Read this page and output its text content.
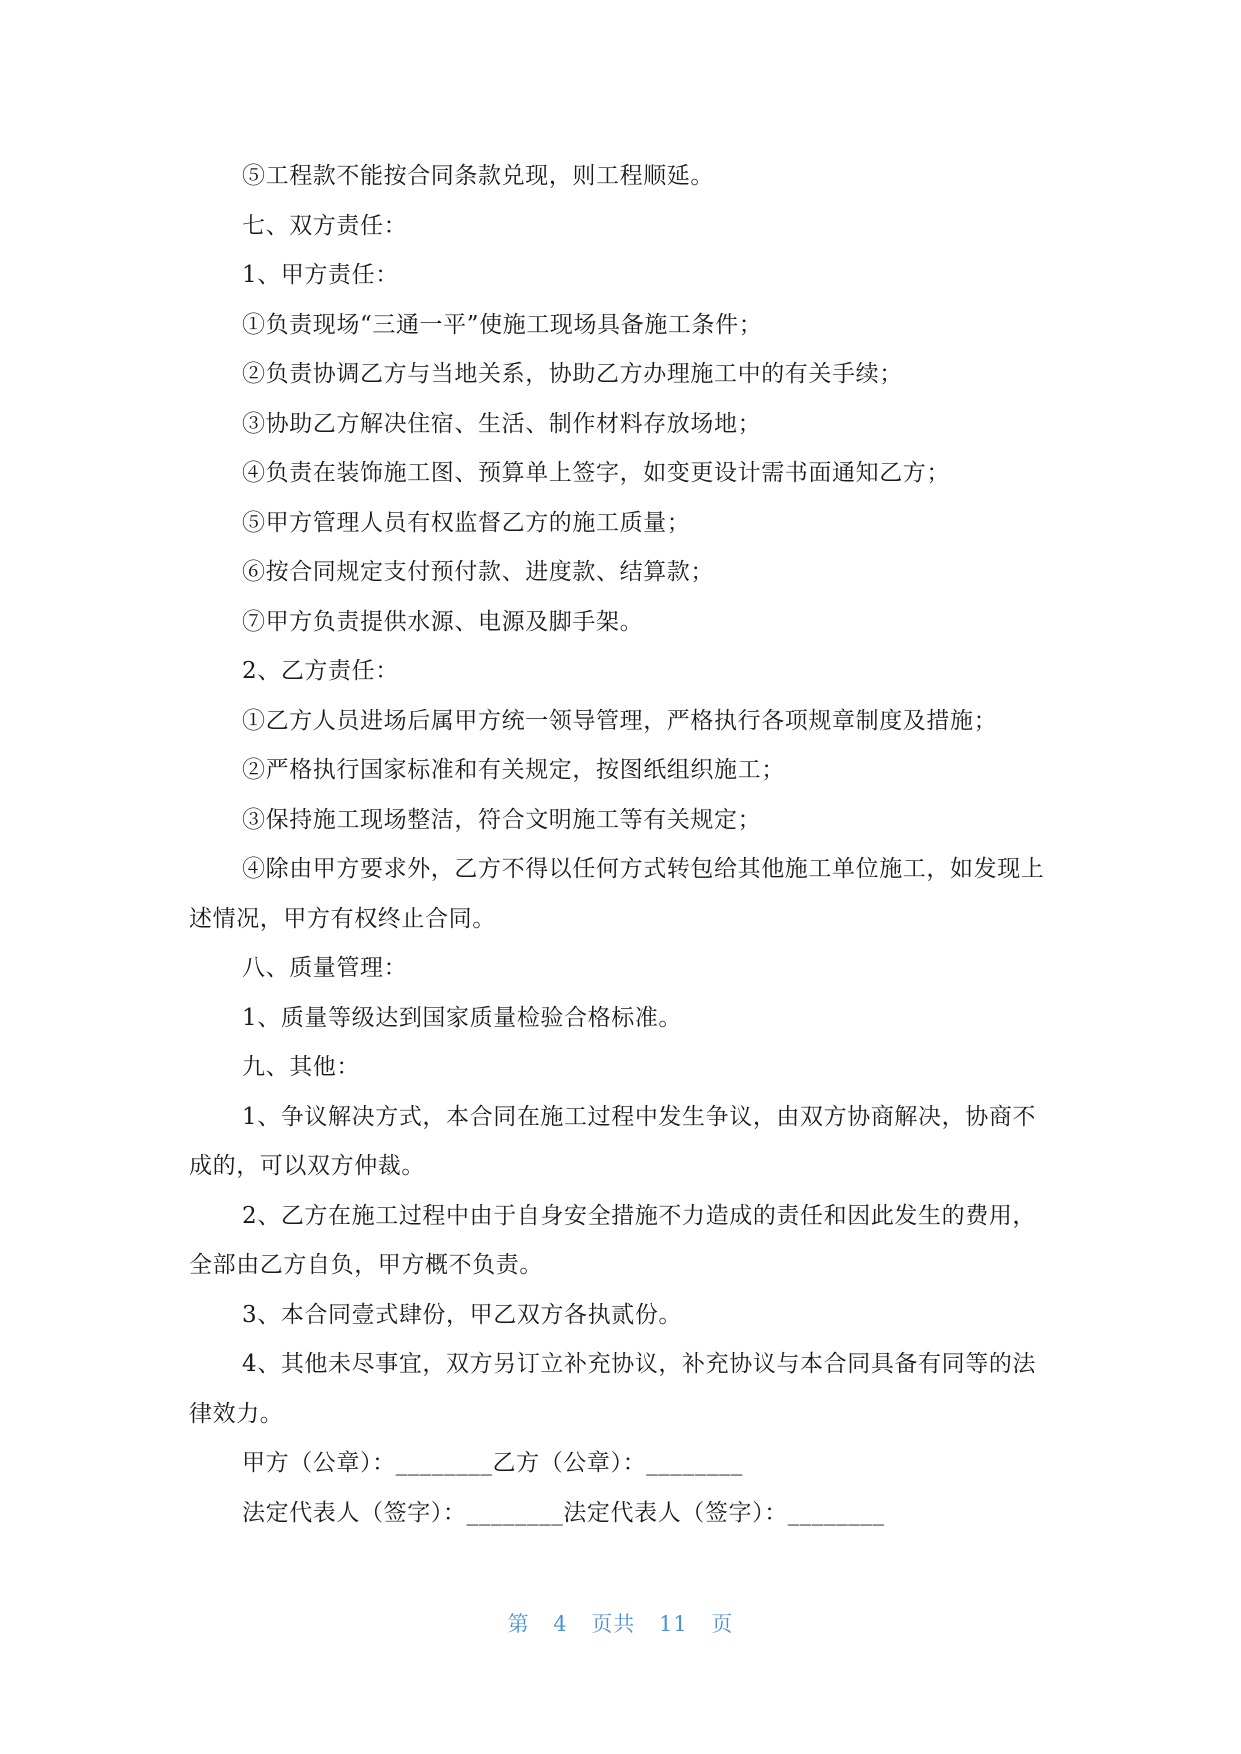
⑤工程款不能按合同条款兑现，则工程顺延。

七、双方责任：

1、甲方责任：

①负责现场“三通一平”使施工现场具备施工条件；

②负责协调乙方与当地关系，协助乙方办理施工中的有关手续；

③协助乙方解决住宿、生活、制作材料存放场地；

④负责在装饰施工图、预算单上签字，如变更设计需书面通知乙方；

⑤甲方管理人员有权监督乙方的施工质量；

⑥按合同规定支付预付款、进度款、结算款；

⑦甲方负责提供水源、电源及脚手架。

2、乙方责任：

①乙方人员进场后属甲方统一领导管理，严格执行各项规章制度及措施；

②严格执行国家标准和有关规定，按图纸组织施工；

③保持施工现场整洁，符合文明施工等有关规定；

④除由甲方要求外，乙方不得以任何方式转包给其他施工单位施工，如发现上述情况，甲方有权终止合同。

八、质量管理：

1、质量等级达到国家质量检验合格标准。

九、其他：

1、争议解决方式，本合同在施工过程中发生争议，由双方协商解决，协商不成的，可以双方仲裁。

2、乙方在施工过程中由于自身安全措施不力造成的责任和因此发生的费用，全部由乙方自负，甲方概不负责。

3、本合同壹式肆份，甲乙双方各执贰份。

4、其他未尽事宜，双方另订立补充协议，补充协议与本合同具备有同等的法律效力。

甲方（公章）：________乙方（公章）：________

法定代表人（签字）：________法定代表人（签字）：________

第 4 页共 11 页
